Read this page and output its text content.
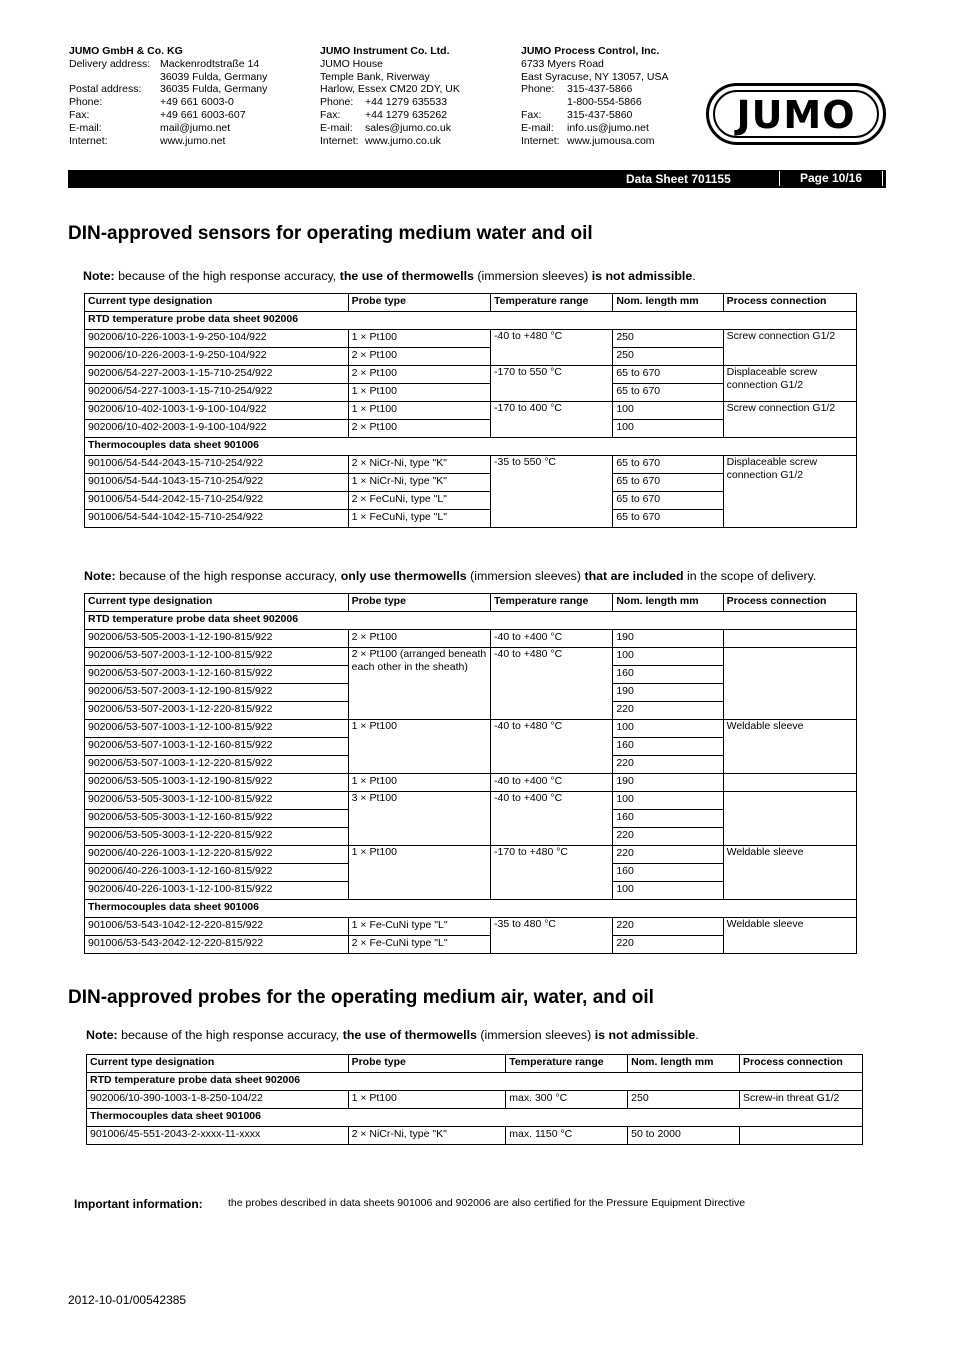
JUMO GmbH & Co. KG
Delivery address: Mackenrodtstraße 14
36039 Fulda, Germany
Postal address:	36035 Fulda, Germany
Phone:	+49 661 6003-0
Fax:	+49 661 6003-607
E-mail:	mail@jumo.net
Internet:	www.jumo.net
JUMO Instrument Co. Ltd.
JUMO House
Temple Bank, Riverway
Harlow, Essex CM20 2DY, UK
Phone:	+44 1279 635533
Fax:	+44 1279 635262
E-mail:	sales@jumo.co.uk
Internet: www.jumo.co.uk
JUMO Process Control, Inc.
6733 Myers Road
East Syracuse, NY 13057, USA
Phone:	315-437-5866
1-800-554-5866
Fax:	315-437-5860
E-mail:	info.us@jumo.net
Internet: www.jumousa.com
JUMO
Data Sheet 701155	Page 10/16
DIN-approved sensors for operating medium water and oil
Note: because of the high response accuracy, the use of thermowells (immersion sleeves) is not admissible.
Current type designation	Probe type	Temperature range	Nom. length mm	Process connection
RTD temperature probe data sheet 902006				
902006/10-226-1003-1-9-250-104/922	1 × Pt100	-40 to +480 °C	250	Screw connection G1/2
902006/10-226-2003-1-9-250-104/922	2 × Pt100		250	
902006/54-227-2003-1-15-710-254/922	2 × Pt100	-170 to 550 °C	65 to 670	Displaceable screw connection G1/2
902006/54-227-1003-1-15-710-254/922	1 × Pt100		65 to 670	
902006/10-402-1003-1-9-100-104/922	1 × Pt100	-170 to 400 °C	100	Screw connection G1/2
902006/10-402-2003-1-9-100-104/922	2 × Pt100		100	
Thermocouples data sheet 901006				
901006/54-544-2043-15-710-254/922	2 × NiCr-Ni, type "K"	-35 to 550 °C	65 to 670	Displaceable screw connection G1/2
901006/54-544-1043-15-710-254/922	1 × NiCr-Ni, type "K"		65 to 670	
901006/54-544-2042-15-710-254/922	2 × FeCuNi, type "L"		65 to 670	
901006/54-544-1042-15-710-254/922	1 × FeCuNi, type "L"		65 to 670	
Note: because of the high response accuracy, only use thermowells (immersion sleeves) that are included in the scope of delivery.
Current type designation	Probe type	Temperature range	Nom. length mm	Process connection
RTD temperature probe data sheet 902006				
902006/53-505-2003-1-12-190-815/922	2 × Pt100	-40 to +400 °C	190	
902006/53-507-2003-1-12-100-815/922	2 × Pt100 (arranged beneath each other in the sheath)	-40 to +480 °C	100	
902006/53-507-2003-1-12-160-815/922			160	
902006/53-507-2003-1-12-190-815/922			190	
902006/53-507-2003-1-12-220-815/922			220	
902006/53-507-1003-1-12-100-815/922	1 × Pt100	-40 to +480 °C	100	Weldable sleeve
902006/53-507-1003-1-12-160-815/922			160	
902006/53-507-1003-1-12-220-815/922			220	
902006/53-505-1003-1-12-190-815/922	1 × Pt100	-40 to +400 °C	190	
902006/53-505-3003-1-12-100-815/922	3 × Pt100	-40 to +400 °C	100	
902006/53-505-3003-1-12-160-815/922			160	
902006/53-505-3003-1-12-220-815/922			220	
902006/40-226-1003-1-12-220-815/922	1 × Pt100	-170 to +480 °C	220	Weldable sleeve
902006/40-226-1003-1-12-160-815/922			160	
902006/40-226-1003-1-12-100-815/922			100	
Thermocouples data sheet 901006				
901006/53-543-1042-12-220-815/922	1 × Fe-CuNi type "L"	-35 to 480 °C	220	Weldable sleeve
901006/53-543-2042-12-220-815/922	2 × Fe-CuNi type "L"		220	
DIN-approved probes for the operating medium air, water, and oil
Note: because of the high response accuracy, the use of thermowells (immersion sleeves) is not admissible.
Current type designation	Probe type	Temperature range	Nom. length mm	Process connection
RTD temperature probe data sheet 902006				
902006/10-390-1003-1-8-250-104/22	1 × Pt100	max. 300 °C	250	Screw-in threat G1/2
Thermocouples data sheet 901006				
901006/45-551-2043-2-xxxx-11-xxxx	2 × NiCr-Ni, type "K"	max. 1150 °C	50 to 2000	
Important information: the probes described in data sheets 901006 and 902006 are also certified for the Pressure Equipment Directive
2012-10-01/00542385
